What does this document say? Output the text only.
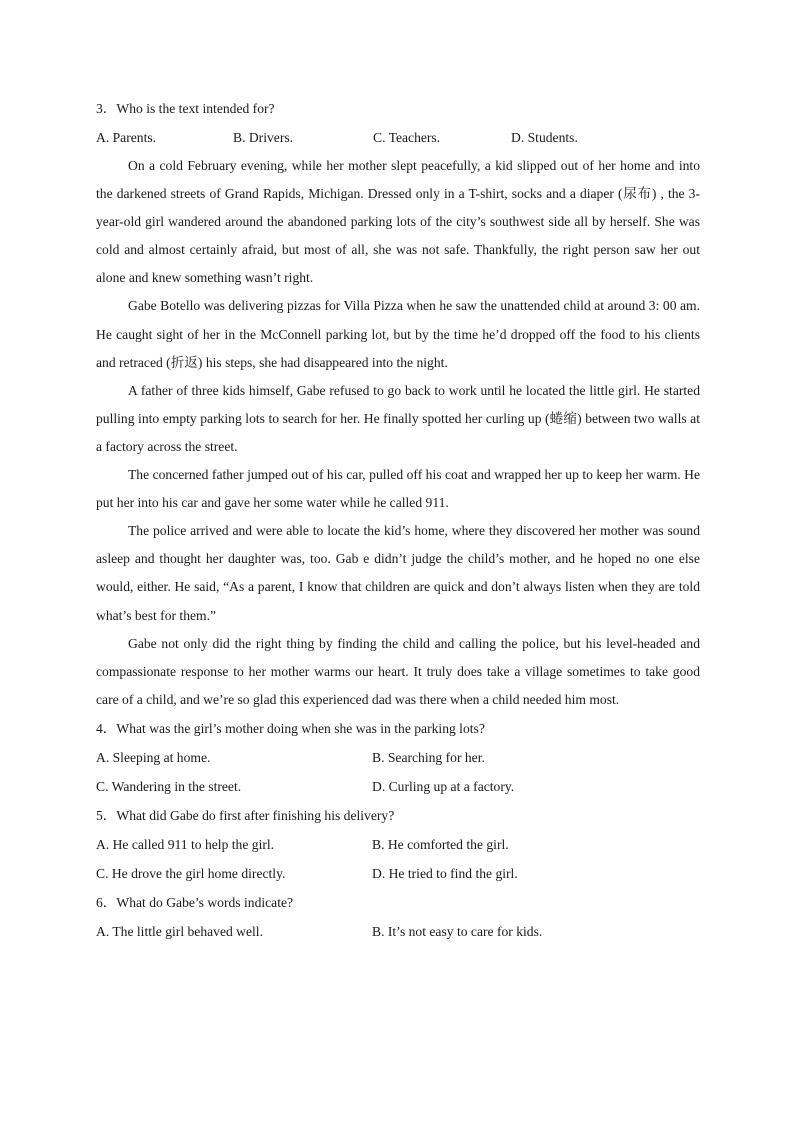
3．Who is the text intended for?
A. Parents.	B. Drivers.	C. Teachers.	D. Students.

On a cold February evening, while her mother slept peacefully, a kid slipped out of her home and into the darkened streets of Grand Rapids, Michigan. Dressed only in a T-shirt, socks and a diaper (尿布) , the 3-year-old girl wandered around the abandoned parking lots of the city’s southwest side all by herself. She was cold and almost certainly afraid, but most of all, she was not safe. Thankfully, the right person saw her out alone and knew something wasn’t right.

Gabe Botello was delivering pizzas for Villa Pizza when he saw the unattended child at around 3: 00 am. He caught sight of her in the McConnell parking lot, but by the time he’d dropped off the food to his clients and retraced (折返) his steps, she had disappeared into the night.

A father of three kids himself, Gabe refused to go back to work until he located the little girl. He started pulling into empty parking lots to search for her. He finally spotted her curling up (蜷缩) between two walls at a factory across the street.

The concerned father jumped out of his car, pulled off his coat and wrapped her up to keep her warm. He put her into his car and gave her some water while he called 911.

The police arrived and were able to locate the kid’s home, where they discovered her mother was sound asleep and thought her daughter was, too. Gab e didn’t judge the child’s mother, and he hoped no one else would, either. He said, “As a parent, I know that children are quick and don’t always listen when they are told what’s best for them.”

Gabe not only did the right thing by finding the child and calling the police, but his level-headed and compassionate response to her mother warms our heart. It truly does take a village sometimes to take good care of a child, and we’re so glad this experienced dad was there when a child needed him most.

4．What was the girl’s mother doing when she was in the parking lots?
A. Sleeping at home.	B. Searching for her.
C. Wandering in the street.	D. Curling up at a factory.
5．What did Gabe do first after finishing his delivery?
A. He called 911 to help the girl.	B. He comforted the girl.
C. He drove the girl home directly.	D. He tried to find the girl.
6．What do Gabe’s words indicate?
A. The little girl behaved well.	B. It’s not easy to care for kids.
